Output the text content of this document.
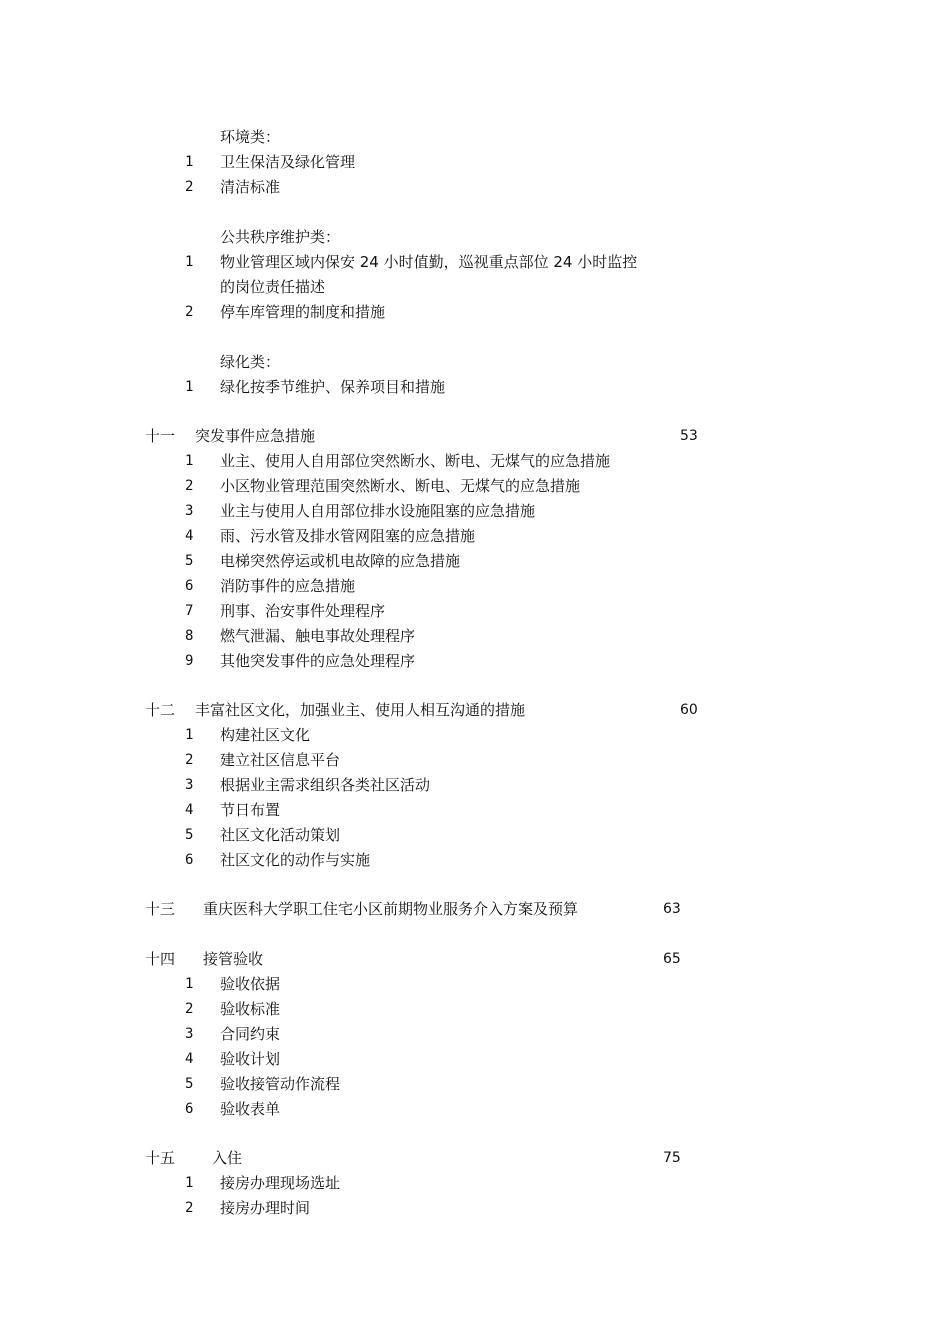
环境类：
1 卫生保洁及绿化管理
2 清洁标准
公共秩序维护类：
1 物业管理区域内保安 24 小时值勤，巡视重点部位 24 小时监控
的岗位责任描述
2 停车库管理的制度和措施
绿化类：
1 绿化按季节维护、保养项目和措施
十一 突发事件应急措施	53
1 业主、使用人自用部位突然断水、断电、无煤气的应急措施
2 小区物业管理范围突然断水、断电、无煤气的应急措施
3 业主与使用人自用部位排水设施阻塞的应急措施
4 雨、污水管及排水管网阻塞的应急措施
5 电梯突然停运或机电故障的应急措施
6 消防事件的应急措施
7 刑事、治安事件处理程序
8 燃气泄漏、触电事故处理程序
9 其他突发事件的应急处理程序
十二 丰富社区文化，加强业主、使用人相互沟通的措施	60
1 构建社区文化
2 建立社区信息平台
3 根据业主需求组织各类社区活动
4 节日布置
5 社区文化活动策划
6 社区文化的动作与实施
十三 重庆医科大学职工住宅小区前期物业服务介入方案及预算	63
十四 接管验收	65
1 验收依据
2 验收标准
3 合同约束
4 验收计划
5 验收接管动作流程
6 验收表单
十五 入住	75
1 接房办理现场选址
2 接房办理时间
